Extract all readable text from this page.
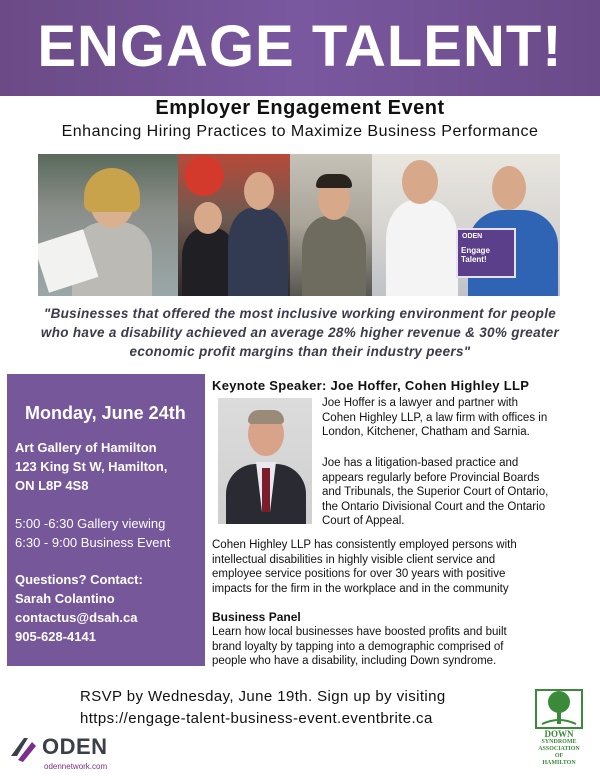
ENGAGE TALENT!
Employer Engagement Event
Enhancing Hiring Practices to Maximize Business Performance
ODEN
Engage Talent!
"Businesses that offered the most inclusive working environment for people who have a disability achieved an average 28% higher revenue & 30% greater economic profit margins than their industry peers"
Monday, June 24th
Art Gallery of Hamilton
123 King St W, Hamilton,
ON L8P 4S8
5:00 -6:30 Gallery viewing
6:30 - 9:00 Business Event
Questions? Contact:
Sarah Colantino
contactus@dsah.ca
905-628-4141
Keynote Speaker: Joe Hoffer, Cohen Highley LLP
Joe Hoffer is a lawyer and partner with
Cohen Highley LLP, a law firm with offices in
London, Kitchener, Chatham and Sarnia.
Joe has a litigation-based practice and
appears regularly before Provincial Boards
and Tribunals, the Superior Court of Ontario,
the Ontario Divisional Court and the Ontario
Court of Appeal.
Cohen Highley LLP has consistently employed persons with
intellectual disabilities in highly visible client service and
employee service positions for over 30 years with positive
impacts for the firm in the workplace and in the community
Business Panel
Learn how local businesses have boosted profits and built
brand loyalty by tapping into a demographic comprised of
people who have a disability, including Down syndrome.
RSVP by Wednesday, June 19th. Sign up by visiting
https://engage-talent-business-event.eventbrite.ca
ODEN
odennetwork.com
DOWN
SYNDROME
ASSOCIATION
OF
HAMILTON
